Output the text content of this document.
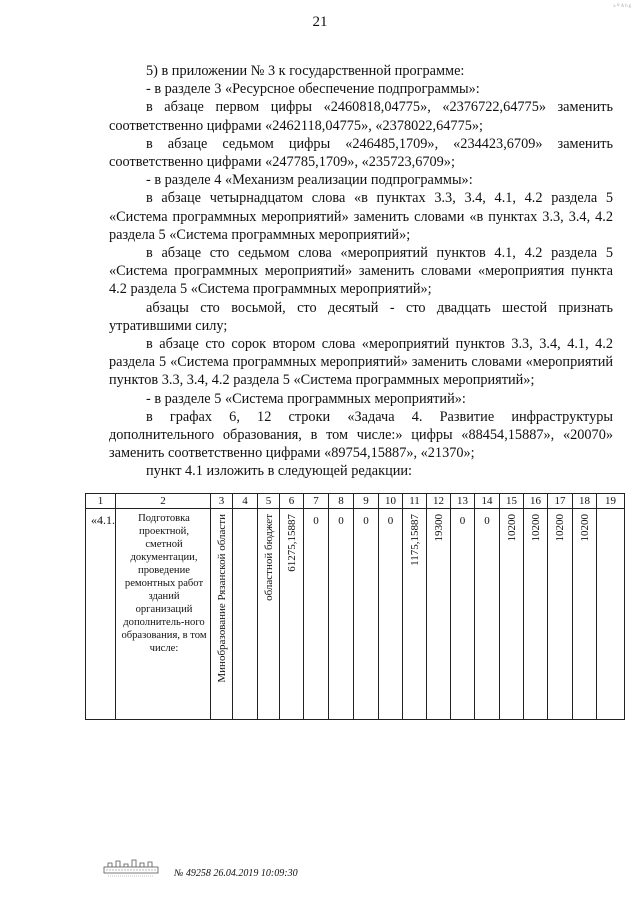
21
ᵃ°ᴬᵇᵍ

5) в приложении № 3 к государственной программе:

- в разделе 3 «Ресурсное обеспечение подпрограммы»:

в абзаце первом цифры «2460818,04775», «2376722,64775» заменить соответственно цифрами «2462118,04775», «2378022,64775»;

в абзаце седьмом цифры «246485,1709», «234423,6709» заменить соответственно цифрами «247785,1709», «235723,6709»;

- в разделе 4 «Механизм реализации подпрограммы»:

в абзаце четырнадцатом слова «в пунктах 3.3, 3.4, 4.1, 4.2 раздела 5 «Система программных мероприятий» заменить словами «в пунктах 3.3, 3.4, 4.2 раздела 5 «Система программных мероприятий»;

в абзаце сто седьмом слова «мероприятий пунктов 4.1, 4.2 раздела 5 «Система программных мероприятий» заменить словами «мероприятия пункта 4.2 раздела 5 «Система программных мероприятий»;

абзацы сто восьмой, сто десятый - сто двадцать шестой признать утратившими силу;

в абзаце сто сорок втором слова «мероприятий пунктов 3.3, 3.4, 4.1, 4.2 раздела 5 «Система программных мероприятий» заменить словами «мероприятий пунктов 3.3, 3.4, 4.2 раздела 5 «Система программных мероприятий»;

- в разделе 5 «Система программных мероприятий»:

в графах 6, 12 строки «Задача 4. Развитие инфраструктуры дополнительного образования, в том числе:» цифры «88454,15887», «20070» заменить соответственно цифрами «89754,15887», «21370»;

пункт 4.1 изложить в следующей редакции:

1	2	3	4	5	6	7	8	9	10	11	12	13	14	15	16	17	18	19
«4.1.	Подготовка проектной, сметной документации, проведение ремонтных работ зданий организаций дополнитель-ного образования, в том числе:	Минобразование Рязанской области		областной бюджет	61275,15887	0	0	0	0	1175,15887	19300	0	0	10200	10200	10200	10200	

№ 49258 26.04.2019 10:09:30
